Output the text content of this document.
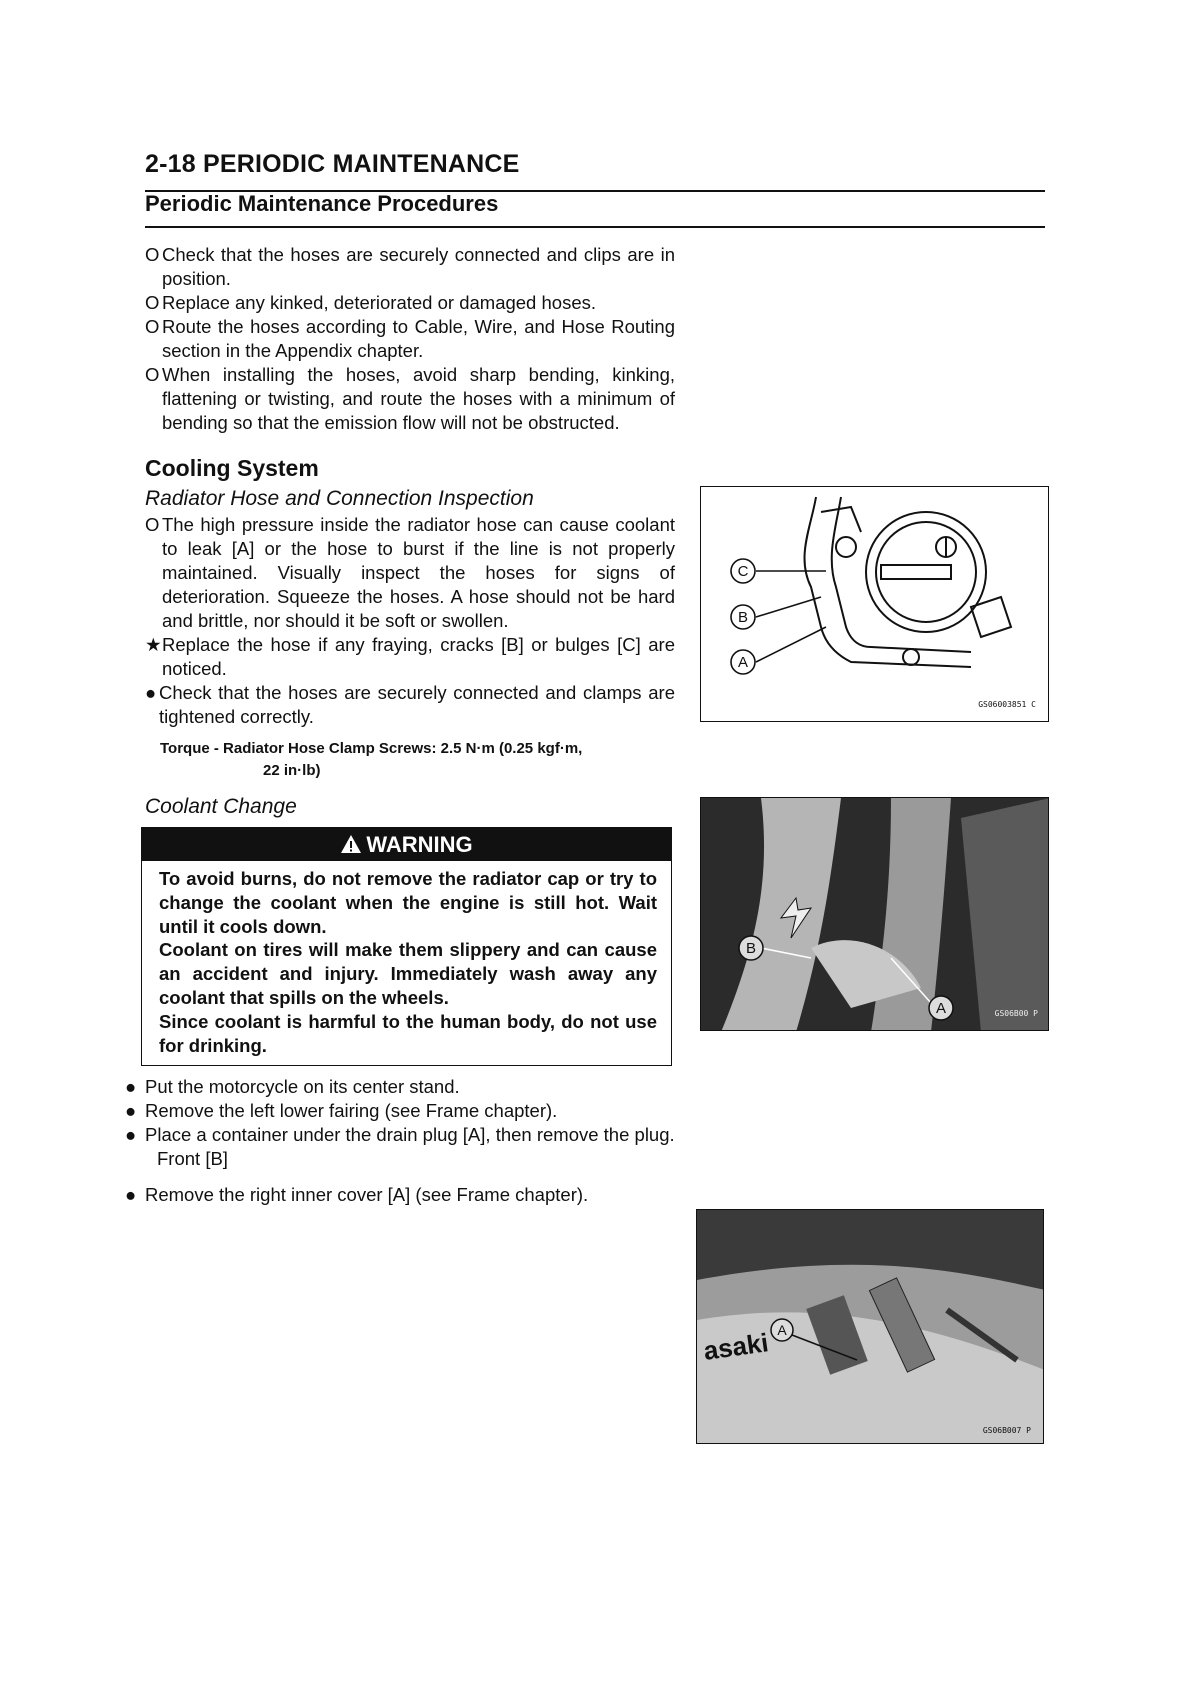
2-18 PERIODIC MAINTENANCE
Periodic Maintenance Procedures
O Check that the hoses are securely connected and clips are in position.
O Replace any kinked, deteriorated or damaged hoses.
O Route the hoses according to Cable, Wire, and Hose Routing section in the Appendix chapter.
O When installing the hoses, avoid sharp bending, kinking, flattening or twisting, and route the hoses with a minimum of bending so that the emission flow will not be obstructed.
Cooling System
Radiator Hose and Connection Inspection
O The high pressure inside the radiator hose can cause coolant to leak [A] or the hose to burst if the line is not properly maintained. Visually inspect the hoses for signs of deterioration. Squeeze the hoses. A hose should not be hard and brittle, nor should it be soft or swollen.
★ Replace the hose if any fraying, cracks [B] or bulges [C] are noticed.
● Check that the hoses are securely connected and clamps are tightened correctly.
Torque - Radiator Hose Clamp Screws: 2.5 N·m (0.25 kgf·m,
22 in·lb)
Coolant Change
WARNING
To avoid burns, do not remove the radiator cap or try to change the coolant when the engine is still hot. Wait until it cools down.
Coolant on tires will make them slippery and can cause an accident and injury. Immediately wash away any coolant that spills on the wheels.
Since coolant is harmful to the human body, do not use for drinking.
● Put the motorcycle on its center stand.
● Remove the left lower fairing (see Frame chapter).
● Place a container under the drain plug [A], then remove the plug.
Front [B]
● Remove the right inner cover [A] (see Frame chapter).
C
B
A
GS06003851 C
B
A	GS06B00 P
A
asaki
GS06B007 P
